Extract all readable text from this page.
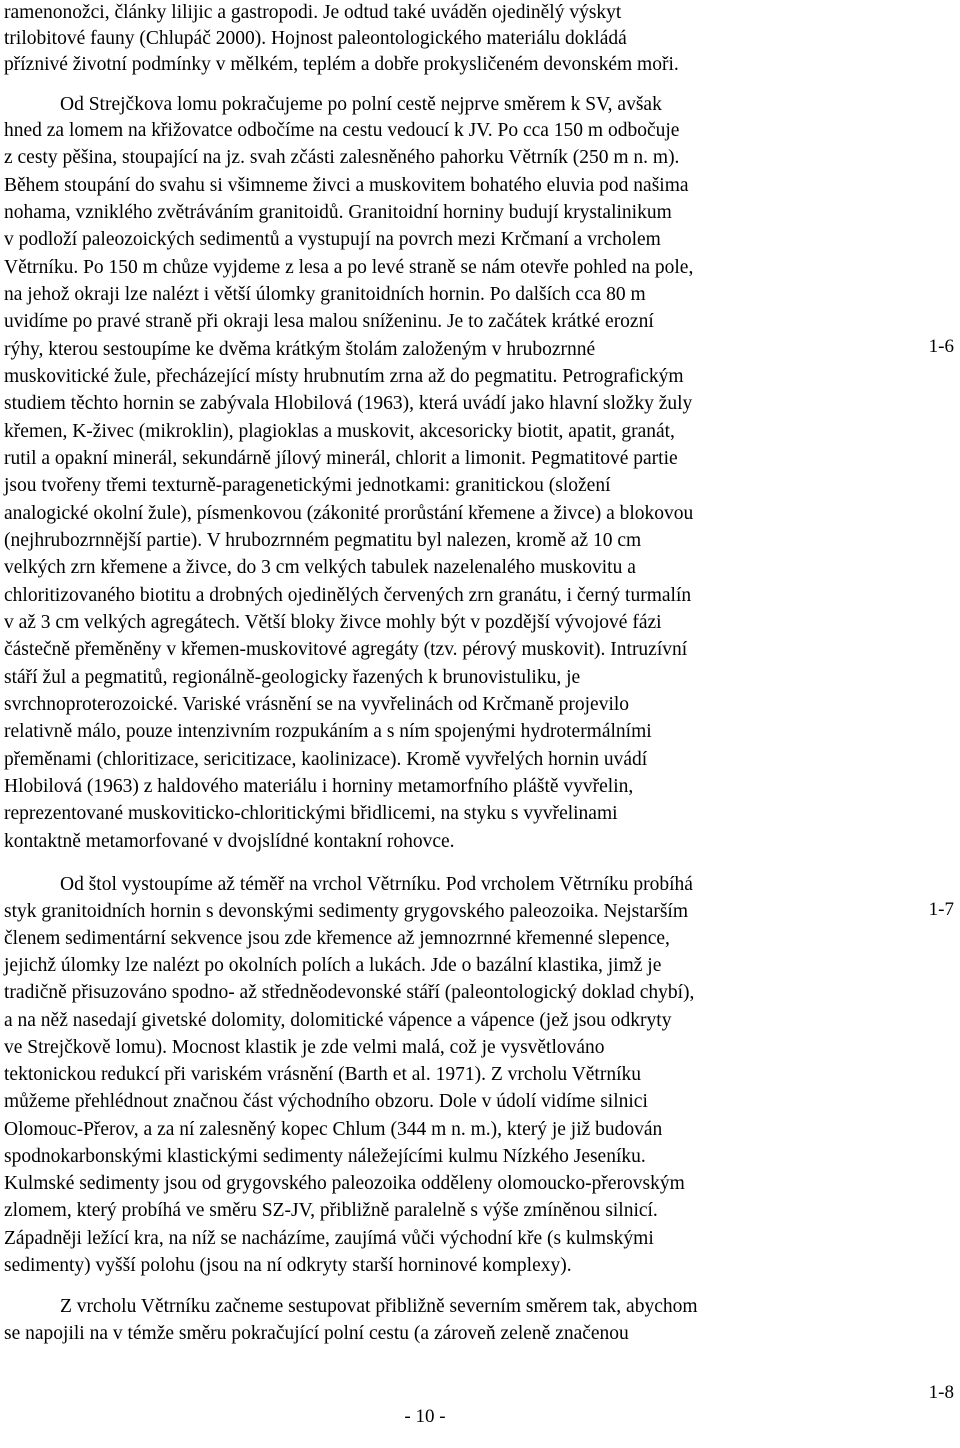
ramenonožci, články lilijic a gastropodi. Je odtud také uváděn ojedinělý výskyt
trilobitové fauny (Chlupáč 2000). Hojnost paleontologického materiálu dokládá
příznivé životní podmínky v mělkém, teplém a dobře prokysličeném devonském moři.
Od Strejčkova lomu pokračujeme po polní cestě nejprve směrem k SV, avšak
hned za lomem na křižovatce odbočíme na cestu vedoucí k JV. Po cca 150 m odbočuje
z cesty pěšina, stoupající na jz. svah zčásti zalesněného pahorku Větrník (250 m n. m).
Během stoupání do svahu si všimneme živci a muskovitem bohatého eluvia pod našima
nohama, vzniklého zvětráváním granitoidů. Granitoidní horniny budují krystalinikum
v podloží paleozoických sedimentů a vystupují na povrch mezi Krčmaní a vrcholem
Větrníku. Po 150 m chůze vyjdeme z lesa a po levé straně se nám otevře pohled na pole,
na jehož okraji lze nalézt i větší úlomky granitoidních hornin. Po dalších cca 80 m
uvidíme po pravé straně při okraji lesa malou sníženinu. Je to začátek krátké erozní
rýhy, kterou sestoupíme ke dvěma krátkým štolám založeným v hrubozrnné
muskovitické žule, přecházející místy hrubnutím zrna až do pegmatitu. Petrografickým
studiem těchto hornin se zabývala Hlobilová (1963), která uvádí jako hlavní složky žuly
křemen, K-živec (mikroklin), plagioklas a muskovit, akcesoricky biotit, apatit, granát,
rutil a opakní minerál, sekundárně jílový minerál, chlorit a limonit. Pegmatitové partie
jsou tvořeny třemi texturně-paragenetickými jednotkami: granitickou (složení
analogické okolní žule), písmenkovou (zákonité prorůstání křemene a živce) a blokovou
(nejhrubozrnnější partie). V hrubozrnném pegmatitu byl nalezen, kromě až 10 cm
velkých zrn křemene a živce, do 3 cm velkých tabulek nazelenalého muskovitu a
chloritizovaného biotitu a drobných ojedinělých červených zrn granátu, i černý turmalín
v až 3 cm velkých agregátech. Větší bloky živce mohly být v pozdější vývojové fázi
částečně přeměněny v křemen-muskovitové agregáty (tzv. pérový muskovit). Intruzívní
stáří žul a pegmatitů, regionálně-geologicky řazených k brunovistuliku, je
svrchnoproterozoické. Variské vrásnění se na vyvřelinách od Krčmaně projevilo
relativně málo, pouze intenzivním rozpukáním a s ním spojenými hydrotermálními
přeměnami (chloritizace, sericitizace, kaolinizace). Kromě vyvřelých hornin uvádí
Hlobilová (1963) z haldového materiálu i horniny metamorfního pláště vyvřelin,
reprezentované muskoviticko-chloritickými břidlicemi, na styku s vyvřelinami
kontaktně metamorfované v dvojslídné kontakní rohovce.
Od štol vystoupíme až téměř na vrchol Větrníku. Pod vrcholem Větrníku probíhá
styk granitoidních hornin s devonskými sedimenty grygovského paleozoika. Nejstarším
členem sedimentární sekvence jsou zde křemence až jemnozrnné křemenné slepence,
jejichž úlomky lze nalézt po okolních polích a lukách. Jde o bazální klastika, jimž je
tradičně přisuzováno spodno- až středněodevonské stáří (paleontologický doklad chybí),
a na něž nasedají givetské dolomity, dolomitické vápence a vápence (jež jsou odkryty
ve Strejčkově lomu). Mocnost klastik je zde velmi malá, což je vysvětlováno
tektonickou redukcí při variském vrásnění (Barth et al. 1971). Z vrcholu Větrníku
můžeme přehlédnout značnou část východního obzoru. Dole v údolí vidíme silnici
Olomouc-Přerov, a za ní zalesněný kopec Chlum (344 m n. m.), který je již budován
spodnokarbonskými klastickými sedimenty náležejícími kulmu Nízkého Jeseníku.
Kulmské sedimenty jsou od grygovského paleozoika odděleny olomoucko-přerovským
zlomem, který probíhá ve směru SZ-JV, přibližně paralelně s výše zmíněnou silnicí.
Západněji ležící kra, na níž se nacházíme, zaujímá vůči východní kře (s kulmskými
sedimenty) vyšší polohu (jsou na ní odkryty starší horninové komplexy).
Z vrcholu Větrníku začneme sestupovat přibližně severním směrem tak, abychom
se napojili na v témže směru pokračující polní cestu (a zároveň zeleně značenou
1-6
1-7
1-8
- 10 -
